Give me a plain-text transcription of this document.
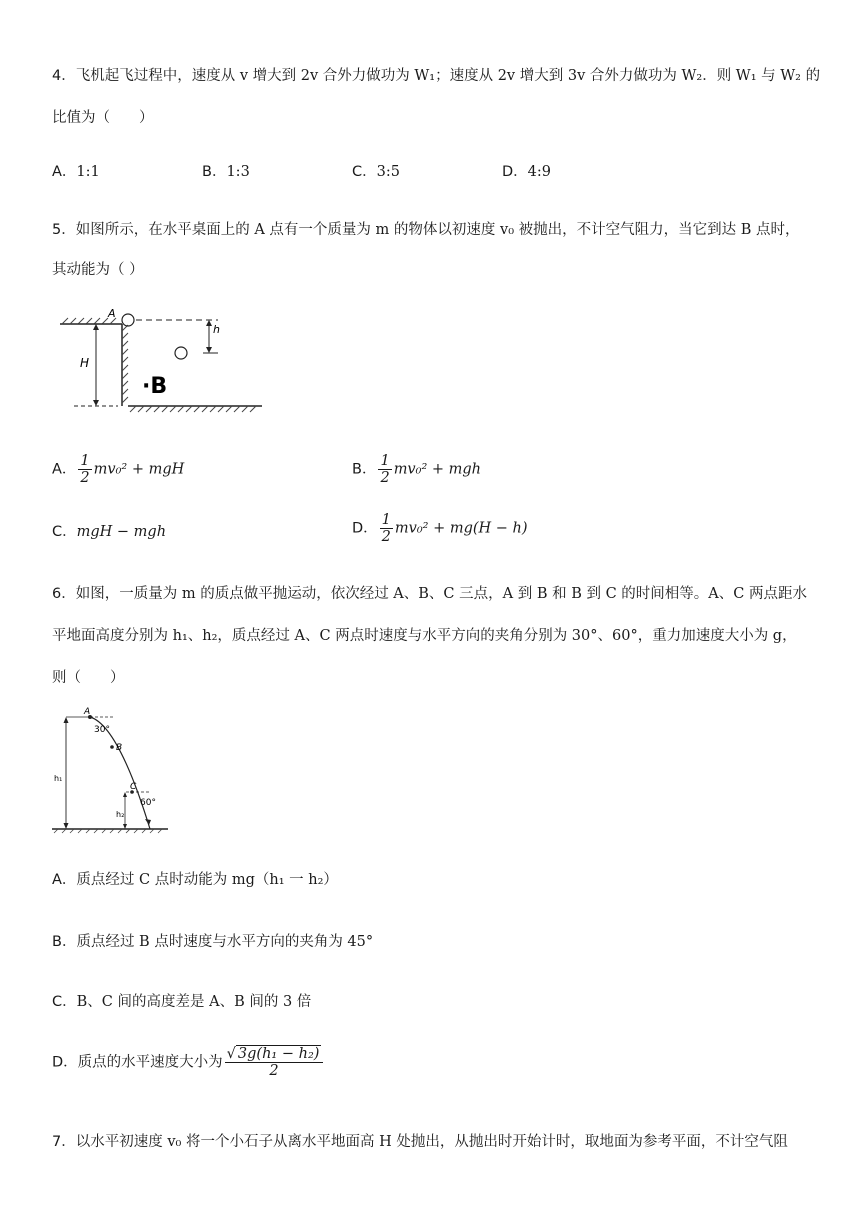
4．飞机起飞过程中，速度从 v 增大到 2v 合外力做功为 W₁；速度从 2v 增大到 3v 合外力做功为 W₂．则 W₁ 与 W₂ 的
比值为（　　）
A．1:1	B．1:3	C．3:5	D．4:9
5．如图所示，在水平桌面上的 A 点有一个质量为 m 的物体以初速度 v₀ 被抛出，不计空气阻力，当它到达 B 点时，
其动能为（ ）
A
h
H
·B
A． $\frac{1}{2} mv_0^2$ + mgH	B． $\frac{1}{2} mv_0^2$ + mgh
C．mgH − mgh	D． $\frac{1}{2} mv_0^2 + mg(H - h)$
6．如图，一质量为 m 的质点做平抛运动，依次经过 A、B、C 三点，A 到 B 和 B 到 C 的时间相等。A、C 两点距水
平地面高度分别为 h₁、h₂，质点经过 A、C 两点时速度与水平方向的夹角分别为 30°、60°，重力加速度大小为 g，
则（　　）
A
30°
B
C
60°
h₁
h₂
A．质点经过 C 点时动能为 mg（h₁ 一 h₂）
B．质点经过 B 点时速度与水平方向的夹角为 45°
C．B、C 间的高度差是 A、B 间的 3 倍
D．质点的水平速度大小为 $\frac{\text{√ 3g(h₁ − h₂)}}{2}$
7．以水平初速度 v₀ 将一个小石子从离水平地面高 H 处抛出，从抛出时开始计时，取地面为参考平面，不计空气阻
